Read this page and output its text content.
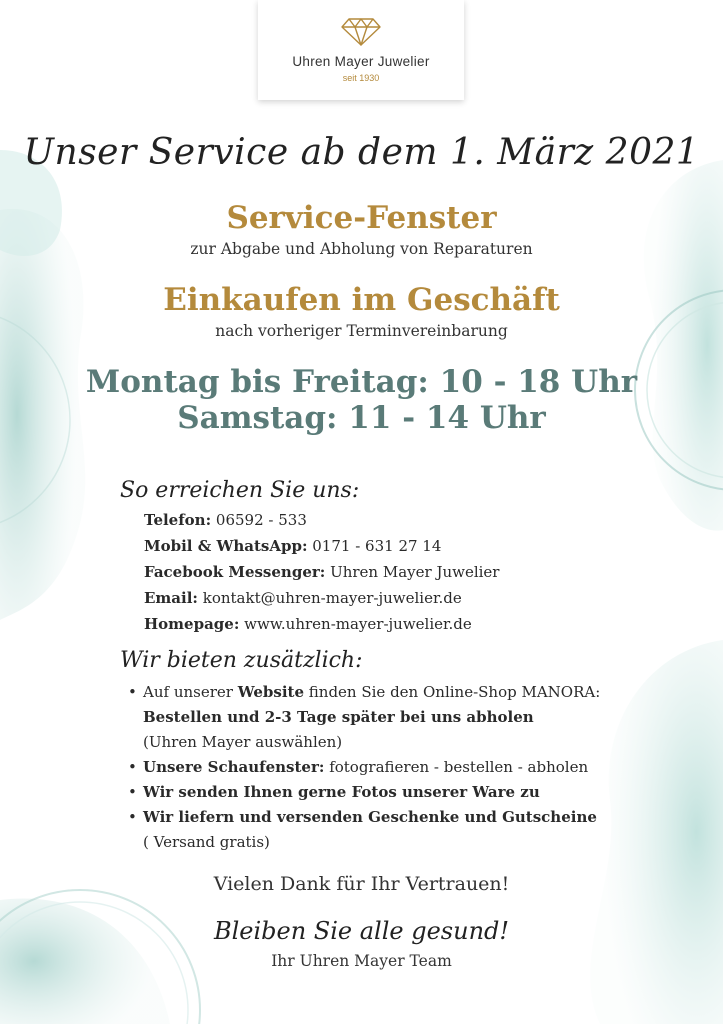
Uhren Mayer Juwelier
seit 1930
Unser Service ab dem 1. März 2021
Service-Fenster
zur Abgabe und Abholung von Reparaturen
Einkaufen im Geschäft
nach vorheriger Terminvereinbarung
Montag bis Freitag: 10 - 18 Uhr
Samstag: 11 - 14 Uhr
So erreichen Sie uns:
Telefon: 06592 - 533
Mobil & WhatsApp: 0171 - 631 27 14
Facebook Messenger: Uhren Mayer Juwelier
Email: kontakt@uhren-mayer-juwelier.de
Homepage: www.uhren-mayer-juwelier.de
Wir bieten zusätzlich:
• Auf unserer Website finden Sie den Online-Shop MANORA:
Bestellen und 2-3 Tage später bei uns abholen
(Uhren Mayer auswählen)
• Unsere Schaufenster: fotografieren - bestellen - abholen
• Wir senden Ihnen gerne Fotos unserer Ware zu
• Wir liefern und versenden Geschenke und Gutscheine
( Versand gratis)
Vielen Dank für Ihr Vertrauen!
Bleiben Sie alle gesund!
Ihr Uhren Mayer Team
